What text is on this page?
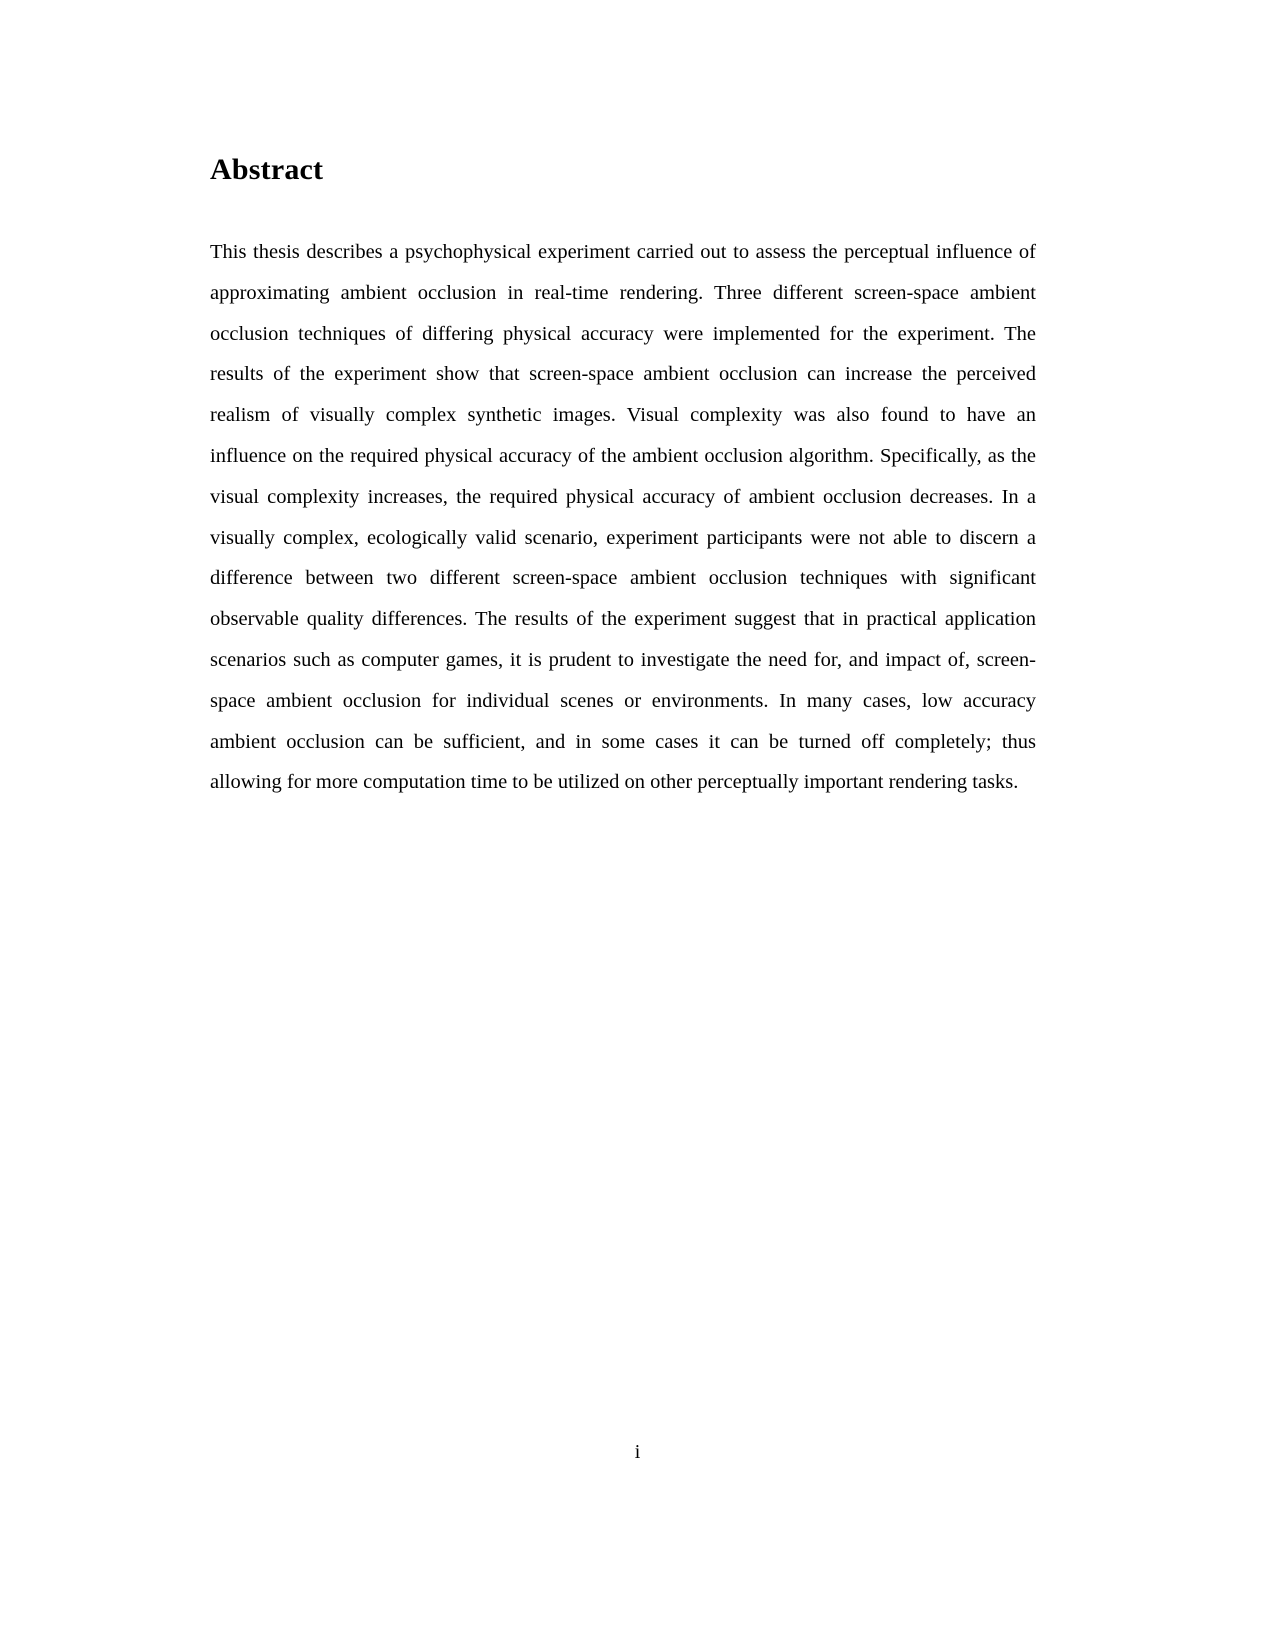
Abstract

This thesis describes a psychophysical experiment carried out to assess the perceptual influence of approximating ambient occlusion in real-time rendering. Three different screen-space ambient occlusion techniques of differing physical accuracy were implemented for the experiment. The results of the experiment show that screen-space ambient occlusion can increase the perceived realism of visually complex synthetic images. Visual complexity was also found to have an influence on the required physical accuracy of the ambient occlusion algorithm. Specifically, as the visual complexity increases, the required physical accuracy of ambient occlusion decreases. In a visually complex, ecologically valid scenario, experiment participants were not able to discern a difference between two different screen-space ambient occlusion techniques with significant observable quality differences. The results of the experiment suggest that in practical application scenarios such as computer games, it is prudent to investigate the need for, and impact of, screen-space ambient occlusion for individual scenes or environments. In many cases, low accuracy ambient occlusion can be sufficient, and in some cases it can be turned off completely; thus allowing for more computation time to be utilized on other perceptually important rendering tasks.

i
